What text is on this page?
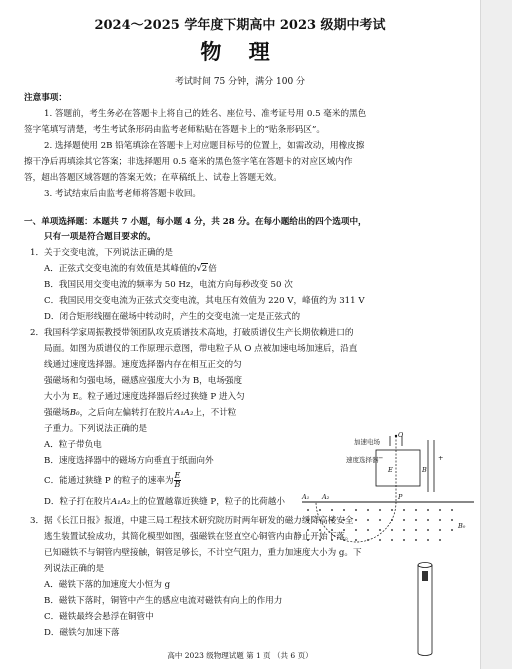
2024～2025 学年度下期高中 2023 级期中考试
物 理
考试时间 75 分钟，满分 100 分
注意事项：
1. 答题前，考生务必在答题卡上将自己的姓名、座位号、准考证号用 0.5 毫米的黑色
签字笔填写清楚，考生考试条形码由监考老师粘贴在答题卡上的“贴条形码区”。
2. 选择题使用 2B 铅笔填涂在答题卡上对应题目标号的位置上，如需改动，用橡皮擦
擦干净后再填涂其它答案；非选择题用 0.5 毫米的黑色签字笔在答题卡的对应区域内作
答，超出答题区域答题的答案无效；在草稿纸上、试卷上答题无效。
3. 考试结束后由监考老师将答题卡收回。
一、单项选择题：本题共 7 小题，每小题 4 分，共 28 分。在每小题给出的四个选项中，
只有一项是符合题目要求的。
1．关于交变电流，下列说法正确的是
A．正弦式交变电流的有效值是其峰值的√2倍
B．我国民用交变电流的频率为 50 Hz，电流方向每秒改变 50 次
C．我国民用交变电流为正弦式交变电流，其电压有效值为 220 V，峰值约为 311 V
D．闭合矩形线圈在磁场中转动时，产生的交变电流一定是正弦式的
2．我国科学家周振教授带领团队攻克质谱技术高地，打破质谱仪生产长期依赖进口的
局面。如图为质谱仪的工作原理示意图，带电粒子从 O 点被加速电场加速后，沿直
线通过速度选择器。速度选择器内存在相互正交的匀
强磁场和匀强电场，磁感应强度大小为 B，电场强度
大小为 E。粒子通过速度选择器后经过狭缝 P 进入匀
强磁场B₀，之后向左偏转打在胶片A₁A₂上，不计粒
子重力。下列说法正确的是
A．粒子带负电
B．速度选择器中的磁场方向垂直于纸面向外
C．能通过狭缝 P 的粒子的速率为 $\frac{E}{B}$
D．粒子打在胶片A₁A₂上的位置越靠近狭缝 P，粒子的比荷越小
加速电场
O
速度选择器 −
E	B
+
A₁ A₂	P
B₀
3．据《长江日报》报道，中建三局工程技术研究院历时两年研发的磁力缓降高楼安全
逃生装置试验成功，其简化模型如图，强磁铁在竖直空心铜管内由静止开始下落。
已知磁铁不与铜管内壁接触，铜管足够长，不计空气阻力，重力加速度大小为 g。下
列说法正确的是
A．磁铁下落的加速度大小恒为 g
B．磁铁下落时，铜管中产生的感应电流对磁铁有向上的作用力
C．磁铁最终会悬浮在铜管中
D．磁铁匀加速下落
高中 2023 级物理试题 第 1 页 （共 6 页）
